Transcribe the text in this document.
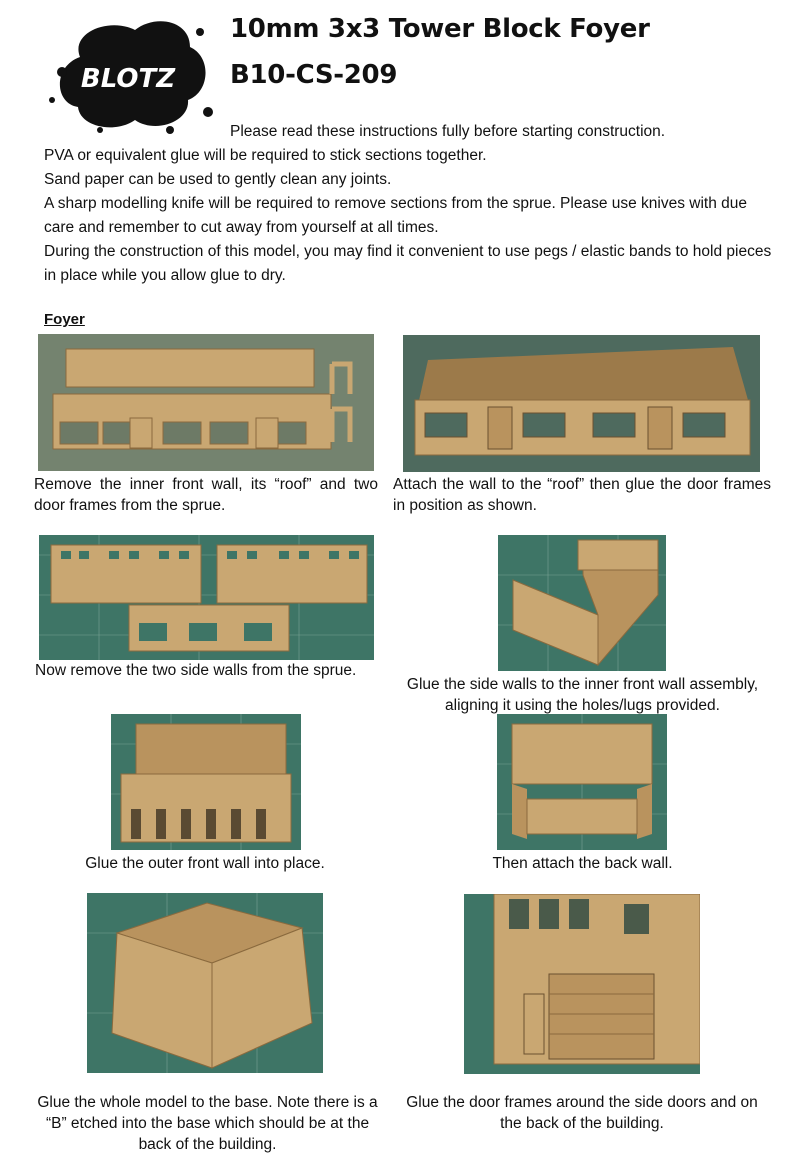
BLOTZ
10mm 3x3 Tower Block Foyer
B10-CS-209
Please read these instructions fully before starting construction.
PVA or equivalent glue will be required to stick sections together.
Sand paper can be used to gently clean any joints.
A sharp modelling knife will be required to remove sections from the sprue. Please use knives with due care and remember to cut away from yourself at all times.
During the construction of this model, you may find it convenient to use pegs / elastic bands to hold pieces in place while you allow glue to dry.
Foyer
Remove the inner front wall, its “roof” and two door frames from the sprue.
Attach the wall to the “roof” then glue the door frames in position as shown.
Now remove the two side walls from the sprue.
Glue the side walls to the inner front wall assembly, aligning it using the holes/lugs provided.
Glue the outer front wall into place.	Then attach the back wall.
Glue the whole model to the base. Note there is a “B” etched into the base which should be at the back of the building.
Glue the door frames around the side doors and on the back of the building.
